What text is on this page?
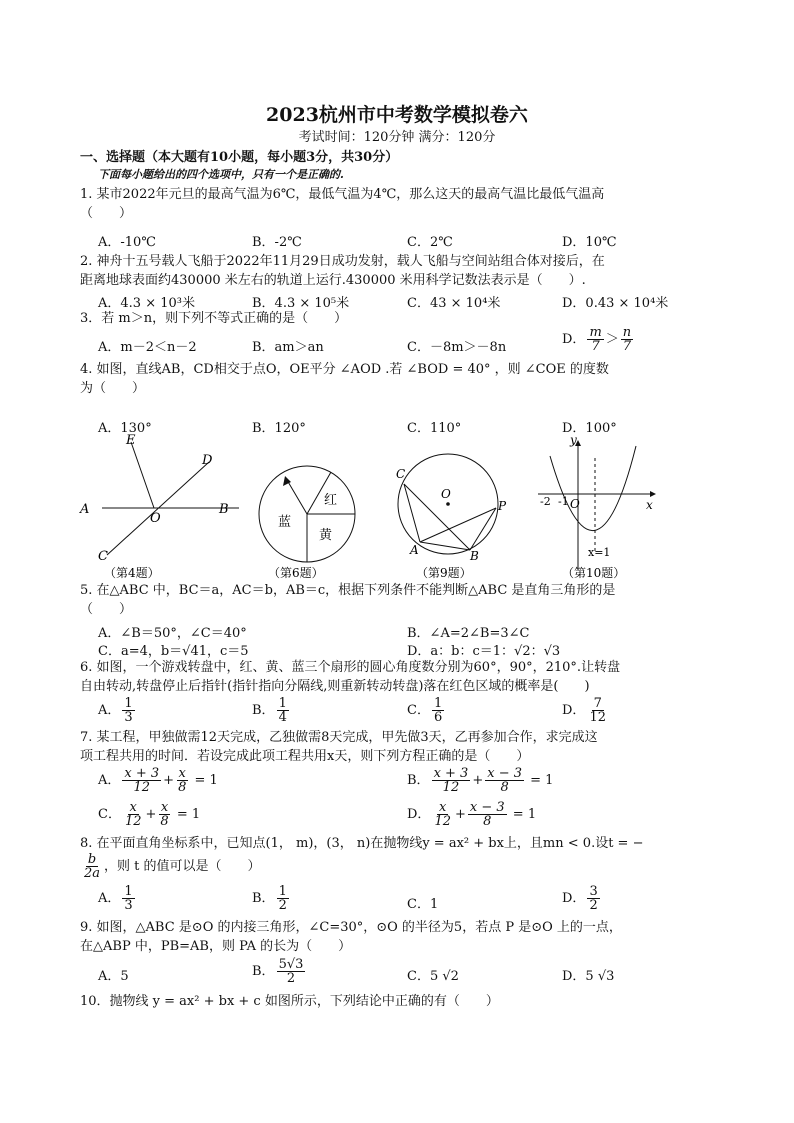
2023杭州市中考数学模拟卷六
考试时间：120分钟 满分：120分
一、选择题（本大题有10小题，每小题3分，共30分）
下面每小题给出的四个选项中，只有一个是正确的.
1. 某市2022年元旦的最高气温为6℃，最低气温为4℃，那么这天的最高气温比最低气温高
（　　）
A．-10℃	B．-2℃	C．2℃	D．10℃
2. 神舟十五号载人飞船于2022年11月29日成功发射，载人飞船与空间站组合体对接后，在
距离地球表面约430000 米左右的轨道上运行.430000 米用科学记数法表示是（　　）.
A．4.3 × 10³米	B．4.3 × 10⁵米	C．43 × 10⁴米	D．0.43 × 10⁴米
3．若 m＞n，则下列不等式正确的是（　　）
A．m－2＜n－2	B．am＞an	C．－8m＞－8n
D． $\frac{m}{7} > \frac{n}{7}$
4. 如图，直线AB，CD相交于点O，OE平分 ∠AOD .若 ∠BOD = 40° ，则 ∠COE 的度数
为（　　）
A．130°	B．120°	C．110°	D．100°
E
D
A
O
B
C
（第4题）
红
蓝
黄
（第6题）
C
O
P
A	B
（第9题）
y
-2 -1 O	x
x=1
（第10题）
5. 在△ABC 中，BC＝a，AC＝b，AB＝c，根据下列条件不能判断△ABC 是直角三角形的是
（　　）
A．∠B＝50°，∠C＝40°	B．∠A=2∠B=3∠C
C．a=4，b＝√41，c＝5	D．a：b：c＝1：√2：√3
6. 如图，一个游戏转盘中，红、黄、蓝三个扇形的圆心角度数分别为60°，90°，210°.让转盘
自由转动,转盘停止后指针(指针指向分隔线,则重新转动转盘)落在红色区域的概率是(　　)
A． $\frac{1}{3}$	B． $\frac{1}{4}$	C． $\frac{1}{6}$	D． $\frac{7}{12}$
7. 某工程，甲独做需12天完成，乙独做需8天完成，甲先做3天，乙再参加合作，求完成这
项工程共用的时间．若设完成此项工程共用x天，则下列方程正确的是（　　）
A． $\frac{x + 3}{12} + \frac{x}{8} = 1$	B． $\frac{x + 3}{12} + \frac{x - 3}{8} = 1$
C． $\frac{x}{12} + \frac{x}{8} = 1$	D． $\frac{x}{12} + \frac{x - 3}{8} = 1$
8. 在平面直角坐标系中，已知点(1， m)，(3， n)在抛物线y = ax² + bx上，且mn < 0.设t = −
$\frac{b}{2a}$ ，则 t 的值可以是（　　）
A． $\frac{1}{3}$	B． $\frac{1}{2}$	C．1	D． $\frac{3}{2}$
9. 如图，△ABC 是⊙O 的内接三角形，∠C=30°，⊙O 的半径为5，若点 P 是⊙O 上的一点，
在△ABP 中，PB=AB，则 PA 的长为（　　）
A．5	B． $\frac{5√3}{2}$	C．5 √2	D．5 √3
10．抛物线 y = ax² + bx + c 如图所示，下列结论中正确的有（　　）
